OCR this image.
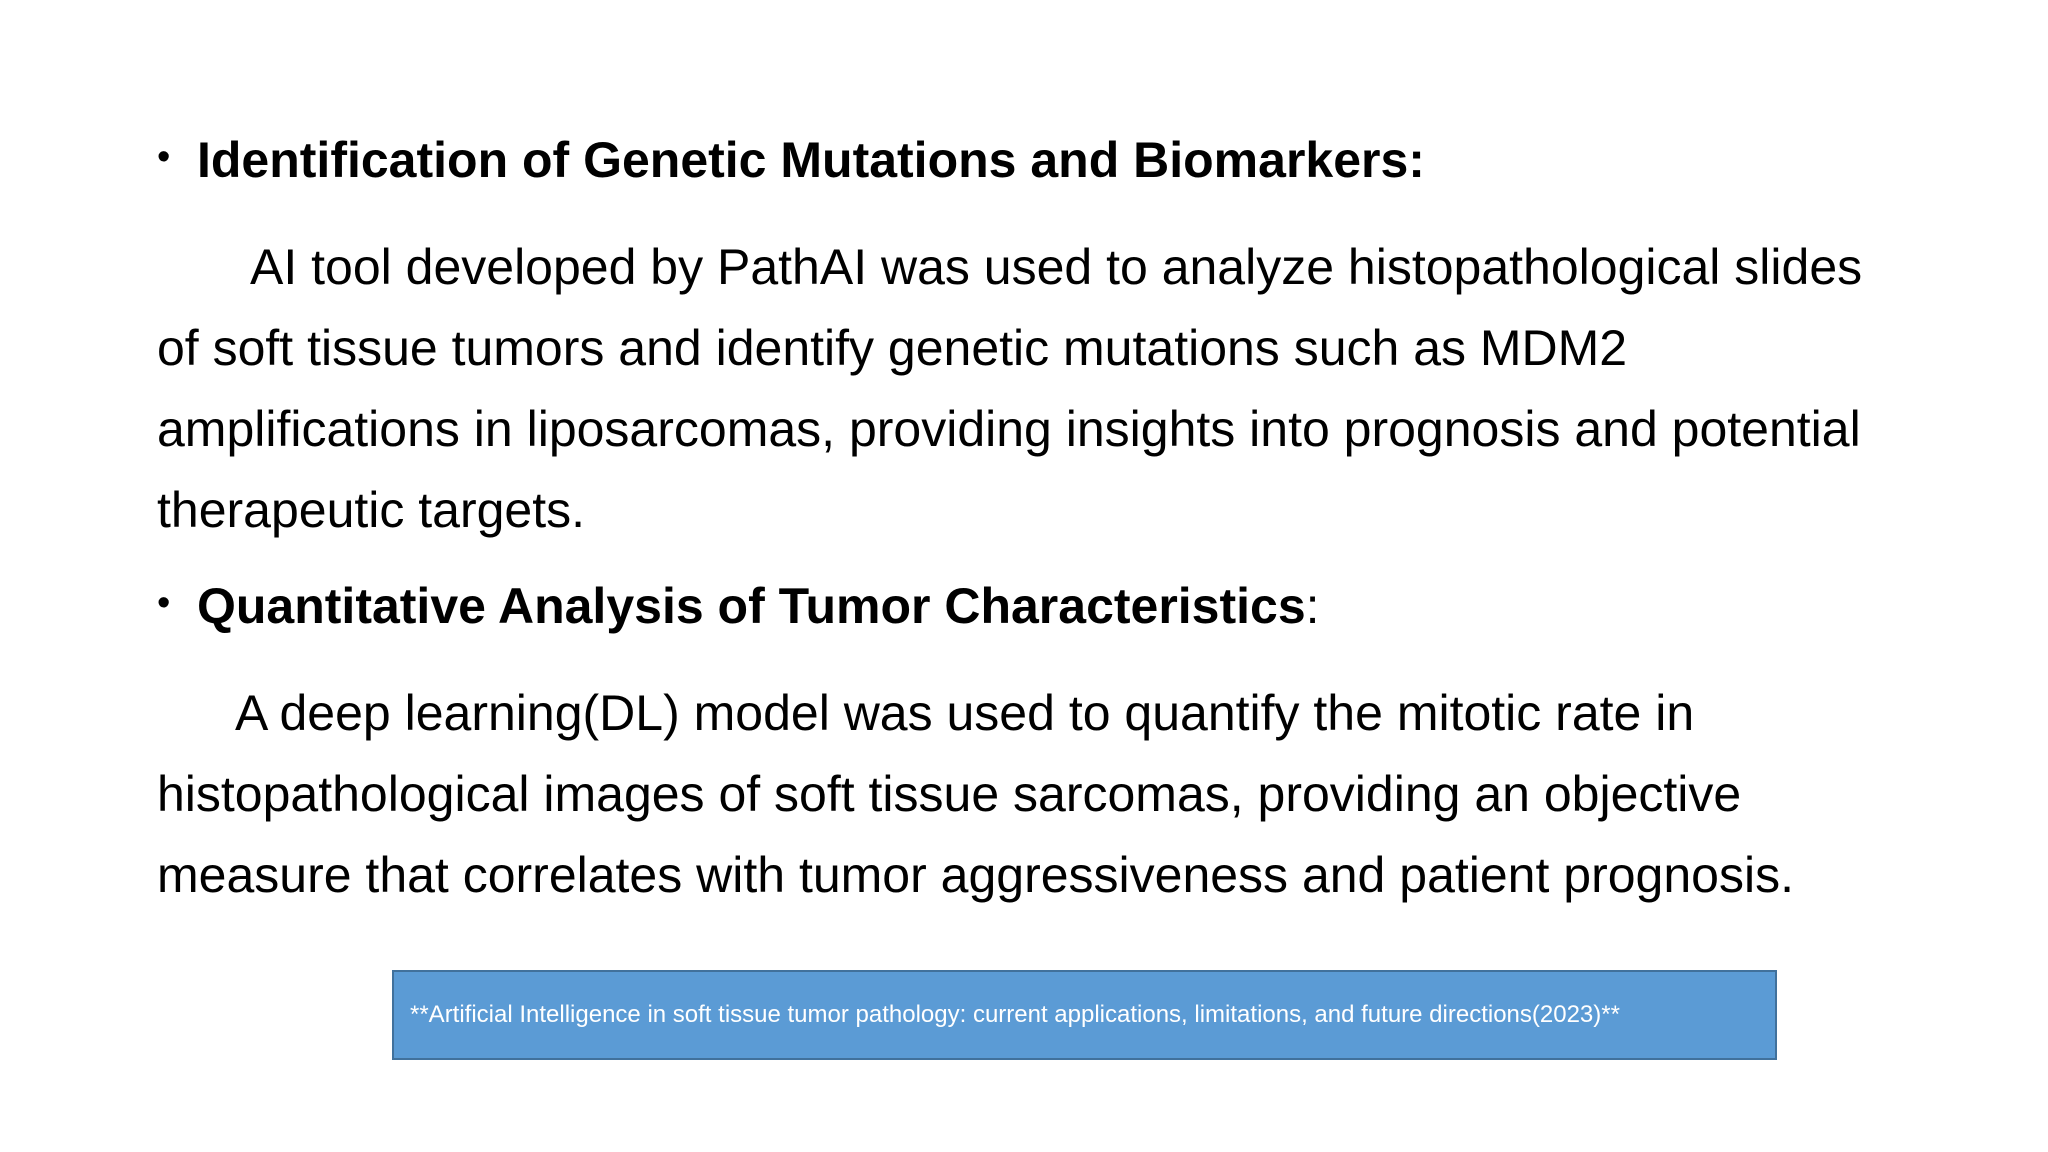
• Identification of Genetic Mutations and Biomarkers:

AI tool developed by PathAI was used to analyze histopathological slides of soft tissue tumors and identify genetic mutations such as MDM2 amplifications in liposarcomas, providing insights into prognosis and potential therapeutic targets.

• Quantitative Analysis of Tumor Characteristics :

A deep learning(DL) model was used to quantify the mitotic rate in histopathological images of soft tissue sarcomas, providing an objective measure that correlates with tumor aggressiveness and patient prognosis.

**Artificial Intelligence in soft tissue tumor pathology: current applications, limitations, and future directions(2023)**
